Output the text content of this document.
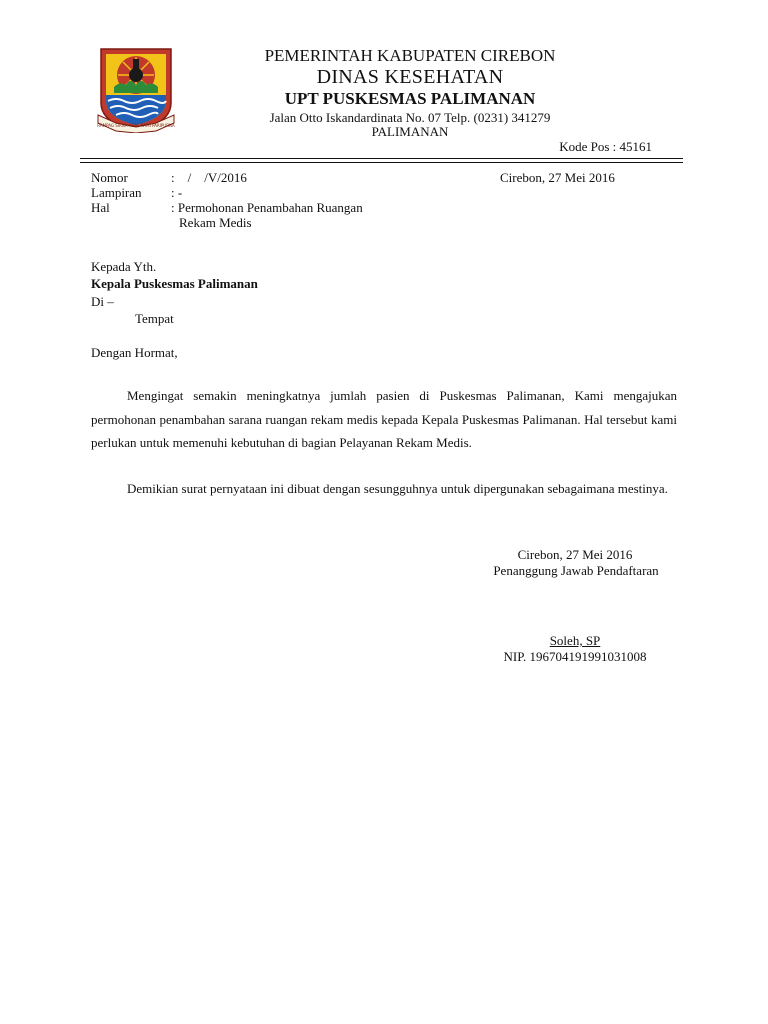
RAMPAG SIRNA ASIH, RAMI PARIPURNA
PEMERINTAH KABUPATEN CIREBON
DINAS KESEHATAN
UPT PUSKESMAS PALIMANAN
Jalan Otto Iskandardinata No. 07 Telp. (0231) 341279
PALIMANAN
Kode Pos : 45161
Nomor	:    /    /V/2016	Cirebon, 27 Mei 2016
Lampiran : -
Hal	: Permohonan Penambahan Ruangan
Rekam Medis
Kepada Yth.
Kepala Puskesmas Palimanan
Di –
Tempat
Dengan Hormat,

Mengingat semakin meningkatnya jumlah pasien di Puskesmas Palimanan, Kami mengajukan permohonan penambahan sarana ruangan rekam medis kepada Kepala Puskesmas Palimanan. Hal tersebut kami perlukan untuk memenuhi kebutuhan di bagian Pelayanan Rekam Medis.

Demikian surat pernyataan ini dibuat dengan sesungguhnya untuk dipergunakan sebagaimana mestinya.

Cirebon, 27 Mei 2016
Penanggung Jawab Pendaftaran
Soleh, SP
NIP. 196704191991031008
